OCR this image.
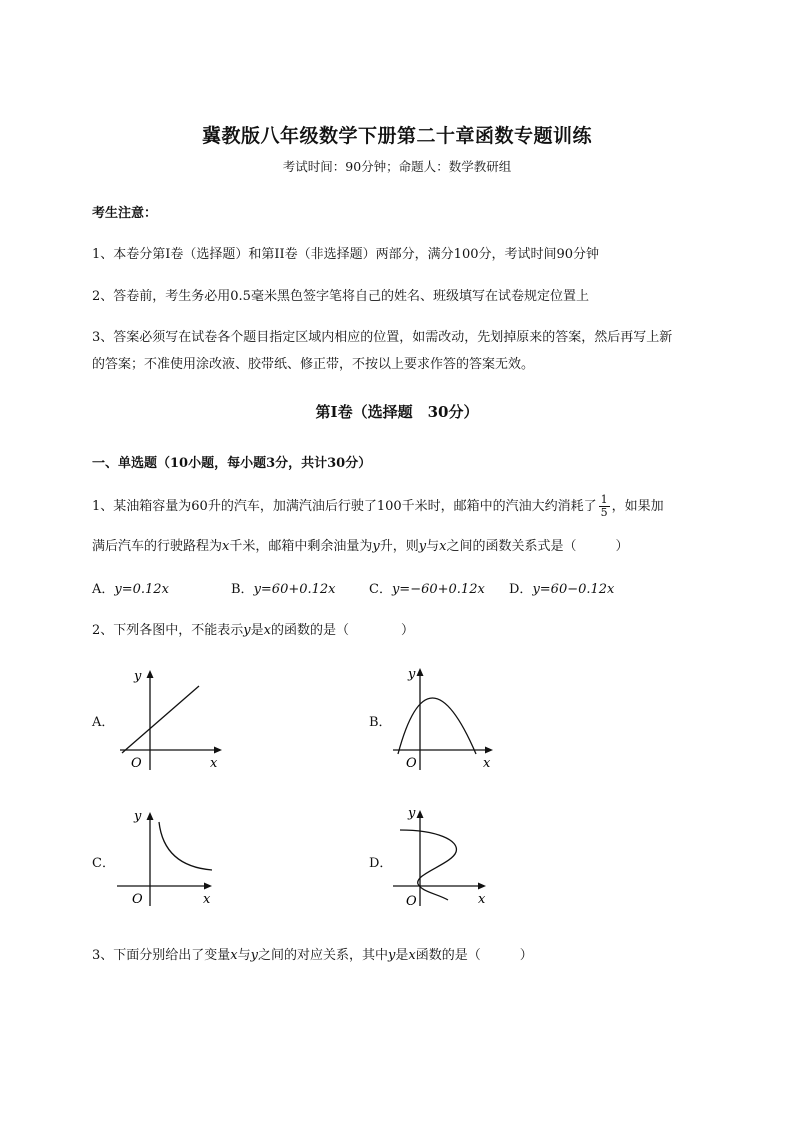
冀教版八年级数学下册第二十章函数专题训练
考试时间：90分钟；命题人：数学教研组
考生注意：
1、本卷分第I卷（选择题）和第II卷（非选择题）两部分，满分100分，考试时间90分钟
2、答卷前，考生务必用0.5毫米黑色签字笔将自己的姓名、班级填写在试卷规定位置上
3、答案必须写在试卷各个题目指定区域内相应的位置，如需改动，先划掉原来的答案，然后再写上新
的答案；不准使用涂改液、胶带纸、修正带，不按以上要求作答的答案无效。
第I卷（选择题　30分）
一、单选题（10小题，每小题3分，共计30分）
1、某油箱容量为60升的汽车，加满汽油后行驶了100千米时，邮箱中的汽油大约消耗了 $\frac{1}{5}$ ，如果加
满后汽车的行驶路程为x千米，邮箱中剩余油量为y升，则y与x之间的函数关系式是（　　　）
A．y=0.12x	B．y=60+0.12x	C．y=−60+0.12x D．y=60−0.12x
2、下列各图中，不能表示y是x的函数的是（　　　　）
A．
y
x
O
B．
y
x
O
C．
y
x
O
D．
y
x
O
3、下面分别给出了变量x与y之间的对应关系，其中y是x函数的是（　　　）
